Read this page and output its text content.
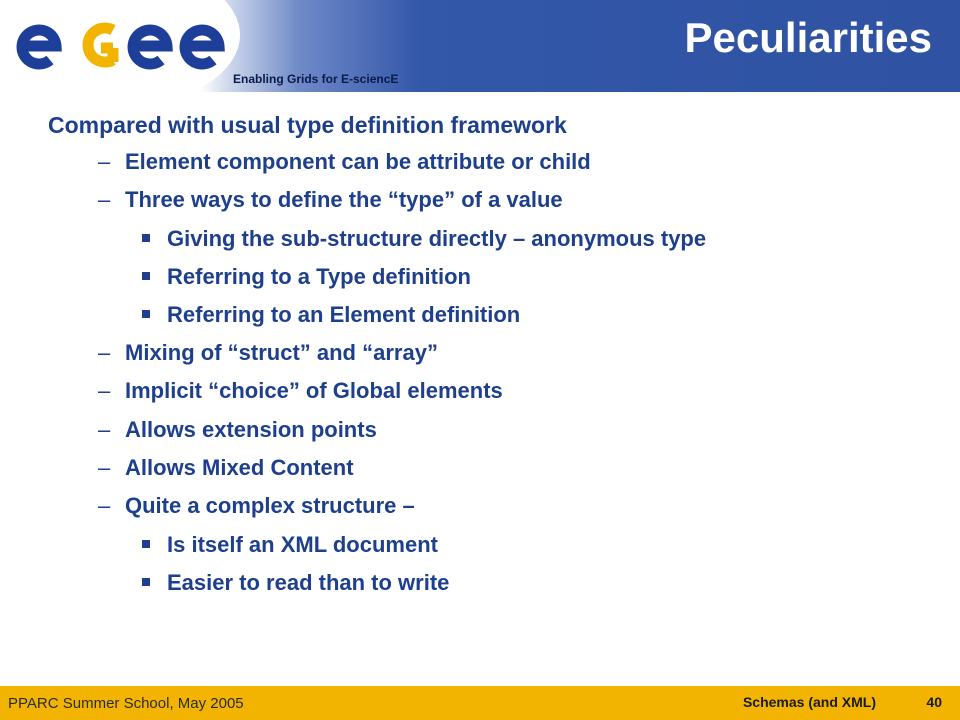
Enabling Grids for E-sciencE
Peculiarities
Compared with usual type definition framework
– Element component can be attribute or child
– Three ways to define the “type” of a value
Giving the sub-structure directly – anonymous type
Referring to a Type definition
Referring to an Element definition
– Mixing of “struct” and “array”
– Implicit “choice” of Global elements
– Allows extension points
– Allows Mixed Content
– Quite a complex structure –
Is itself an XML document
Easier to read than to write
PPARC Summer School, May 2005	Schemas (and XML)	40
